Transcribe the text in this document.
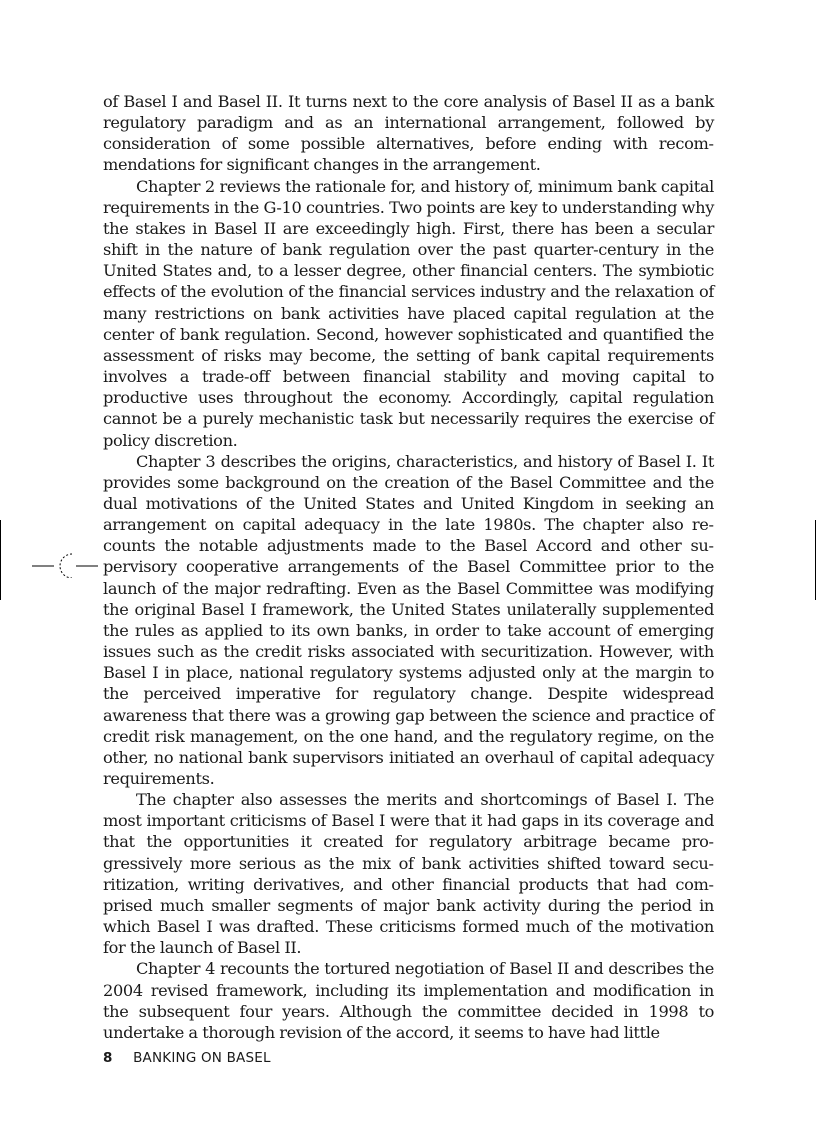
of Basel I and Basel II. It turns next to the core analysis of Basel II as a bank regulatory paradigm and as an international arrangement, followed by consideration of some possible alternatives, before ending with recommendations for significant changes in the arrangement.

Chapter 2 reviews the rationale for, and history of, minimum bank capital requirements in the G-10 countries. Two points are key to understanding why the stakes in Basel II are exceedingly high. First, there has been a secular shift in the nature of bank regulation over the past quarter-century in the United States and, to a lesser degree, other financial centers. The symbiotic effects of the evolution of the financial services industry and the relaxation of many restrictions on bank activities have placed capital regulation at the center of bank regulation. Second, however sophisticated and quantified the assessment of risks may become, the setting of bank capital requirements involves a trade-off between financial stability and moving capital to productive uses throughout the economy. Accordingly, capital regulation cannot be a purely mechanistic task but necessarily requires the exercise of policy discretion.

Chapter 3 describes the origins, characteristics, and history of Basel I. It provides some background on the creation of the Basel Committee and the dual motivations of the United States and United Kingdom in seeking an arrangement on capital adequacy in the late 1980s. The chapter also recounts the notable adjustments made to the Basel Accord and other supervisory cooperative arrangements of the Basel Committee prior to the launch of the major redrafting. Even as the Basel Committee was modifying the original Basel I framework, the United States unilaterally supplemented the rules as applied to its own banks, in order to take account of emerging issues such as the credit risks associated with securitization. However, with Basel I in place, national regulatory systems adjusted only at the margin to the perceived imperative for regulatory change. Despite widespread awareness that there was a growing gap between the science and practice of credit risk management, on the one hand, and the regulatory regime, on the other, no national bank supervisors initiated an overhaul of capital adequacy requirements.

The chapter also assesses the merits and shortcomings of Basel I. The most important criticisms of Basel I were that it had gaps in its coverage and that the opportunities it created for regulatory arbitrage became progressively more serious as the mix of bank activities shifted toward securitization, writing derivatives, and other financial products that had comprised much smaller segments of major bank activity during the period in which Basel I was drafted. These criticisms formed much of the motivation for the launch of Basel II.

Chapter 4 recounts the tortured negotiation of Basel II and describes the 2004 revised framework, including its implementation and modification in the subsequent four years. Although the committee decided in 1998 to undertake a thorough revision of the accord, it seems to have had little

8 BANKING ON BASEL
